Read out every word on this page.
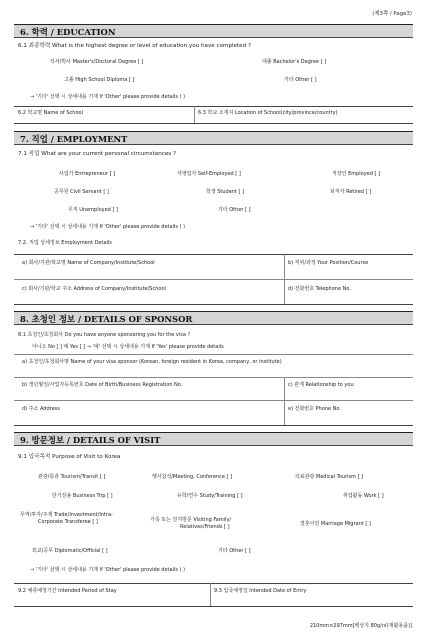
(제3쪽 / Page3)
6. 학력 / EDUCATION
6.1 최종학력 What is the highest degree or level of education you have completed ?
석사/박사 Master's/Doctoral Degree [ ]	대졸 Bachelor's Degree [ ]
고졸 High School Diploma [ ]	기타 Other [ ]
→ '기타' 선택 시 상세내용 기재 If 'Other' please provide details ( )
6.2 학교명 Name of School	6.3 학교 소재지 Location of School(city/province/country)
7. 직업 / EMPLOYMENT
7.1 직업 What are your current personal circumstances ?
사업가 Entrepreneur [ ]	자영업자 Self-Employed [ ]	직장인 Employed [ ]
공무원 Civil Servant [ ]	학생 Student [ ]	퇴직자 Retired [ ]
무직 Unemployed [ ]	기타 Other [ ]
→ '기타' 선택 시 상세내용 기재 If 'Other' please provide details ( )
7.2. 직업 상세정보 Employment Details
a) 회사/기관/학교명 Name of Company/Institute/School	b) 직위/과정 Your Position/Course
c) 회사/기관/학교 주소 Address of Company/Institute/School	d) 전화번호 Telephone No.
8. 초청인 정보 / DETAILS OF SPONSOR
8.1 초청인/초청회사 Do you have anyone sponsoring you for the visa ?
아니오 No [ ] 예 Yes [ ] → '예' 선택 시 상세내용 기재 If 'Yes' please provide details
a) 초청인/초청회사명 Name of your visa sponsor (Korean, foreign resident in Korea, company, or institute)
b) 생년월일/사업자등록번호 Date of Birth/Business Registration No.	c) 관계 Relationship to you
d) 주소 Address	e) 전화번호 Phone No.
9. 방문정보 / DETAILS OF VISIT
9.1 입국목적 Purpose of Visit to Korea
관광/통과 Tourism/Transit [ ]	행사참석/Meeting, Conference [ ]	의료관광 Medical Tourism [ ]
단기상용 Business Trip [ ]	유학/연수 Study/Training [ ]	취업활동 Work [ ]
무역/투자/주재 Trade/Investment/Intra-
Corporate Transferee [ ]	가족 또는 친지방문 Visiting Family/
Relatives/Friends [ ]	결혼이민 Marriage Migrant [ ]
외교/공무 Diplomatic/Official [ ]	기타 Other [ ]
→ '기타' 선택 시 상세내용 기재 If 'Other' please provide details ( )
9.2 체류예정기간 Intended Period of Stay	9.3 입국예정일 Intended Date of Entry
210mm×297mm[백상지 80g/㎡(재활용품)]
